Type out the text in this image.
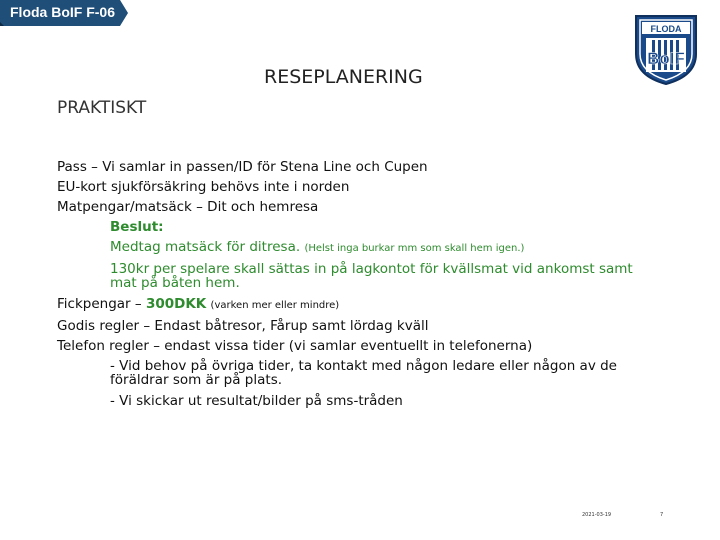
Floda BoIF F-06
FLODA
BoIF
RESEPLANERING
PRAKTISKT
Pass – Vi samlar in passen/ID för Stena Line och Cupen
EU-kort sjukförsäkring behövs inte i norden
Matpengar/matsäck – Dit och hemresa
Beslut:
Medtag matsäck för ditresa. (Helst inga burkar mm som skall hem igen.)
130kr per spelare skall sättas in på lagkontot för kvällsmat vid ankomst samt mat på båten hem.
Fickpengar – 300DKK (varken mer eller mindre)
Godis regler – Endast båtresor, Fårup samt lördag kväll
Telefon regler – endast vissa tider (vi samlar eventuellt in telefonerna)
- Vid behov på övriga tider, ta kontakt med någon ledare eller någon av de föräldrar som är på plats.
- Vi skickar ut resultat/bilder på sms-tråden
2021-03-19	7
